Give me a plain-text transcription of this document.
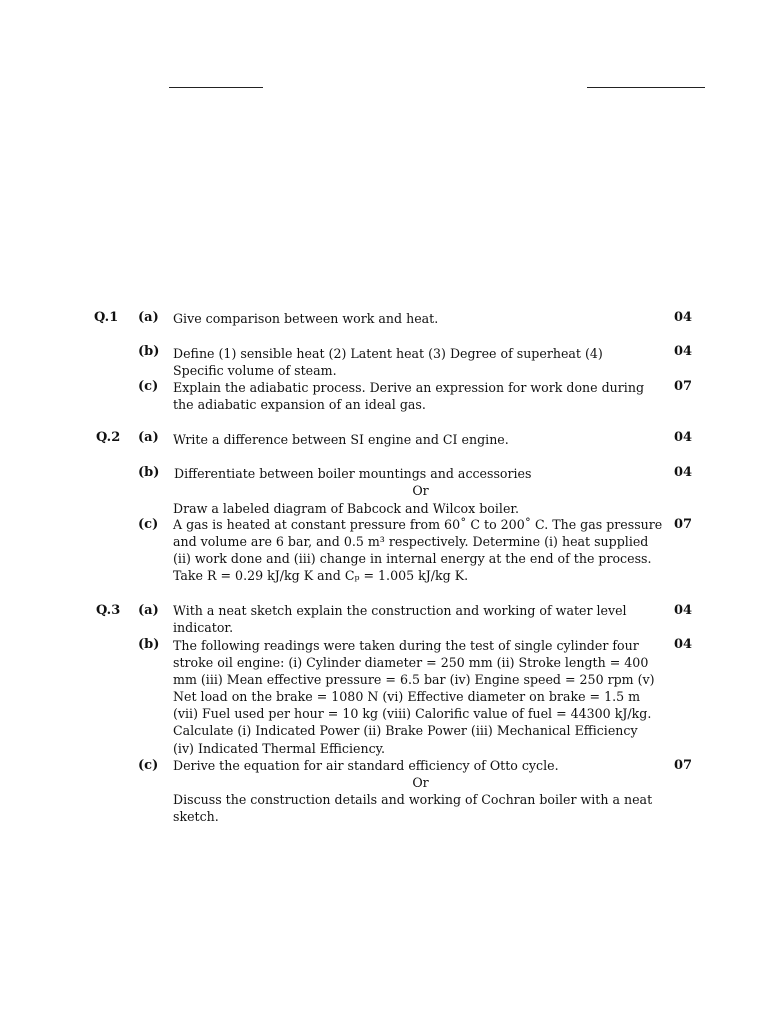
Q.1 (a) Give comparison between work and heat.	04
(b) Define (1) sensible heat (2) Latent heat (3) Degree of superheat (4)
Specific volume of steam.
04
(c) Explain the adiabatic process. Derive an expression for work done during
the adiabatic expansion of an ideal gas.
07
Q.2 (a) Write a difference between SI engine and CI engine.	04
(b) Differentiate between boiler mountings and accessories
Or
Draw a labeled diagram of Babcock and Wilcox boiler.
04
(c) A gas is heated at constant pressure from 60˚ C to 200˚ C. The gas pressure
and volume are 6 bar, and 0.5 m³ respectively. Determine (i) heat supplied
(ii) work done and (iii) change in internal energy at the end of the process.
Take R = 0.29 kJ/kg K and Cₚ = 1.005 kJ/kg K.
07
Q.3 (a) With a neat sketch explain the construction and working of water level
indicator.
04
(b) The following readings were taken during the test of single cylinder four
stroke oil engine: (i) Cylinder diameter = 250 mm (ii) Stroke length = 400
mm (iii) Mean effective pressure = 6.5 bar (iv) Engine speed = 250 rpm (v)
Net load on the brake = 1080 N (vi) Effective diameter on brake = 1.5 m
(vii) Fuel used per hour = 10 kg (viii) Calorific value of fuel = 44300 kJ/kg.
Calculate (i) Indicated Power (ii) Brake Power (iii) Mechanical Efficiency
(iv) Indicated Thermal Efficiency.
04
(c) Derive the equation for air standard efficiency of Otto cycle.
Or
Discuss the construction details and working of Cochran boiler with a neat
sketch.
07
